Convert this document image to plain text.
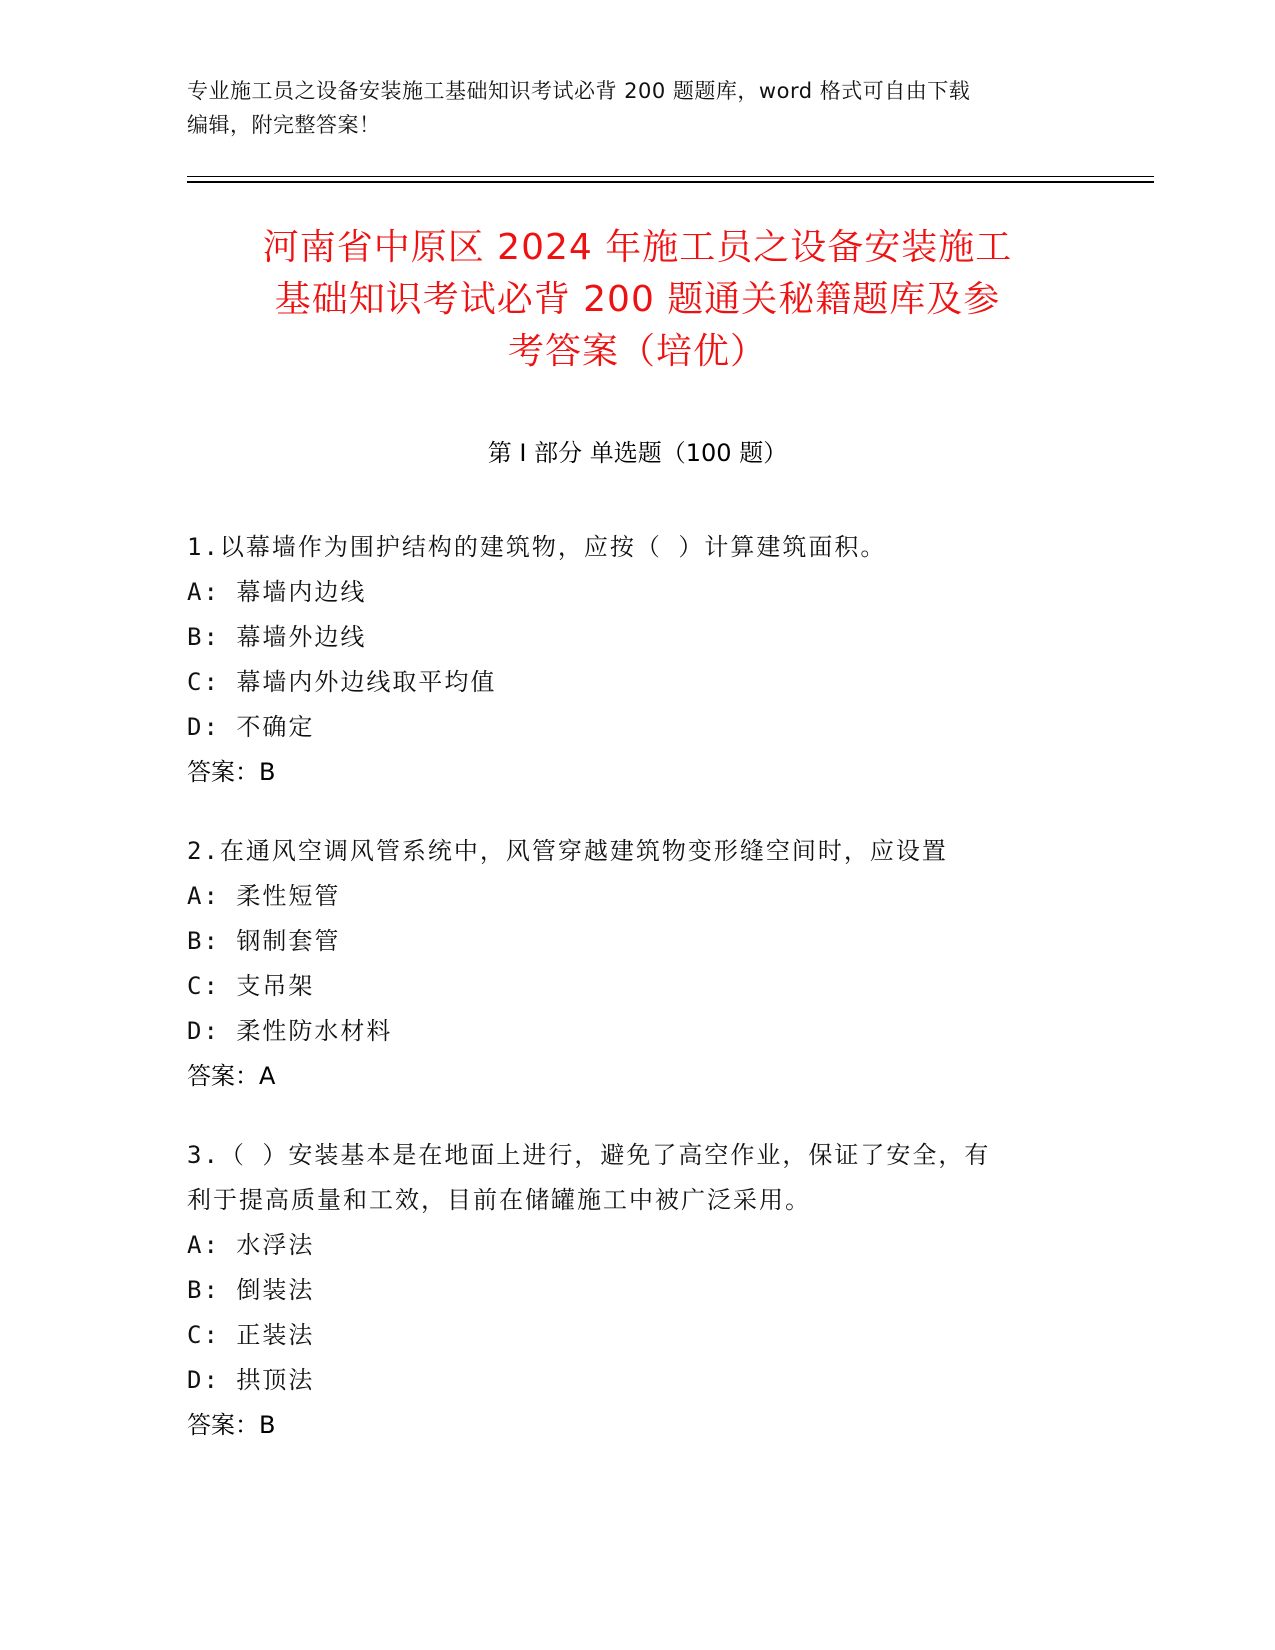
专业施工员之设备安装施工基础知识考试必背 200 题题库，word 格式可自由下载
编辑，附完整答案！
河南省中原区 2024 年施工员之设备安装施工
基础知识考试必背 200 题通关秘籍题库及参
考答案（培优）
第 I 部分 单选题（100 题）
1.以幕墙作为围护结构的建筑物，应按（ ）计算建筑面积。
A: 幕墙内边线
B: 幕墙外边线
C: 幕墙内外边线取平均值
D: 不确定
答案：B
2.在通风空调风管系统中，风管穿越建筑物变形缝空间时，应设置
A: 柔性短管
B: 钢制套管
C: 支吊架
D: 柔性防水材料
答案：A
3.（ ）安装基本是在地面上进行，避免了高空作业，保证了安全，有
利于提高质量和工效，目前在储罐施工中被广泛采用。
A: 水浮法
B: 倒装法
C: 正装法
D: 拱顶法
答案：B
